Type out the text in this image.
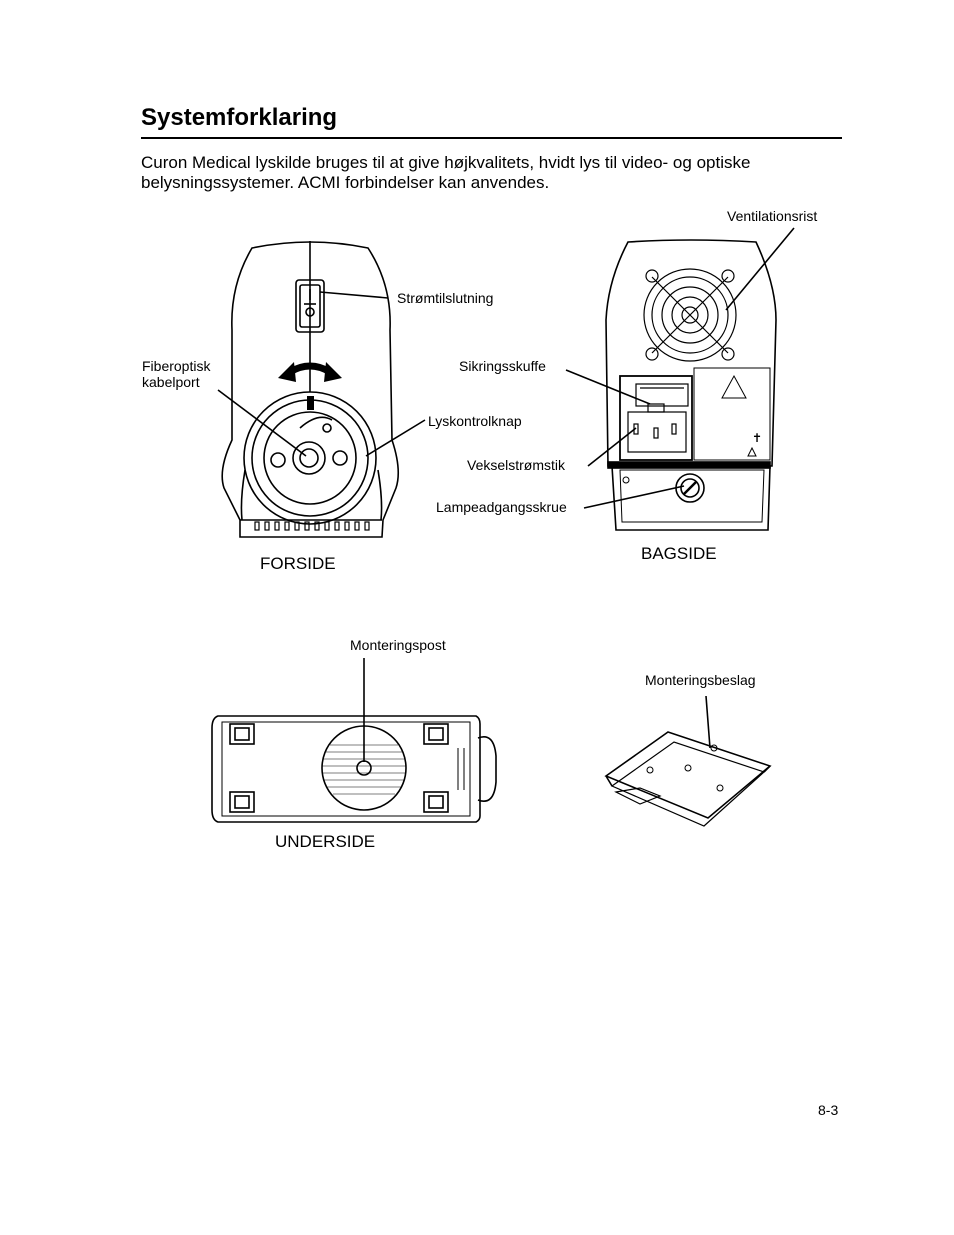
Systemforklaring

Curon Medical lyskilde bruges til at give højkvalitets, hvidt lys til video- og optiske belysningssystemer. ACMI forbindelser kan anvendes.

✝
Strømtilslutning
Fiberoptisk
kabelport
Lyskontrolknap
Ventilationsrist
Sikringsskuffe
Vekselstrømstik
Lampeadgangsskrue
Monteringspost
Monteringsbeslag
FORSIDE
BAGSIDE
UNDERSIDE
8-3
